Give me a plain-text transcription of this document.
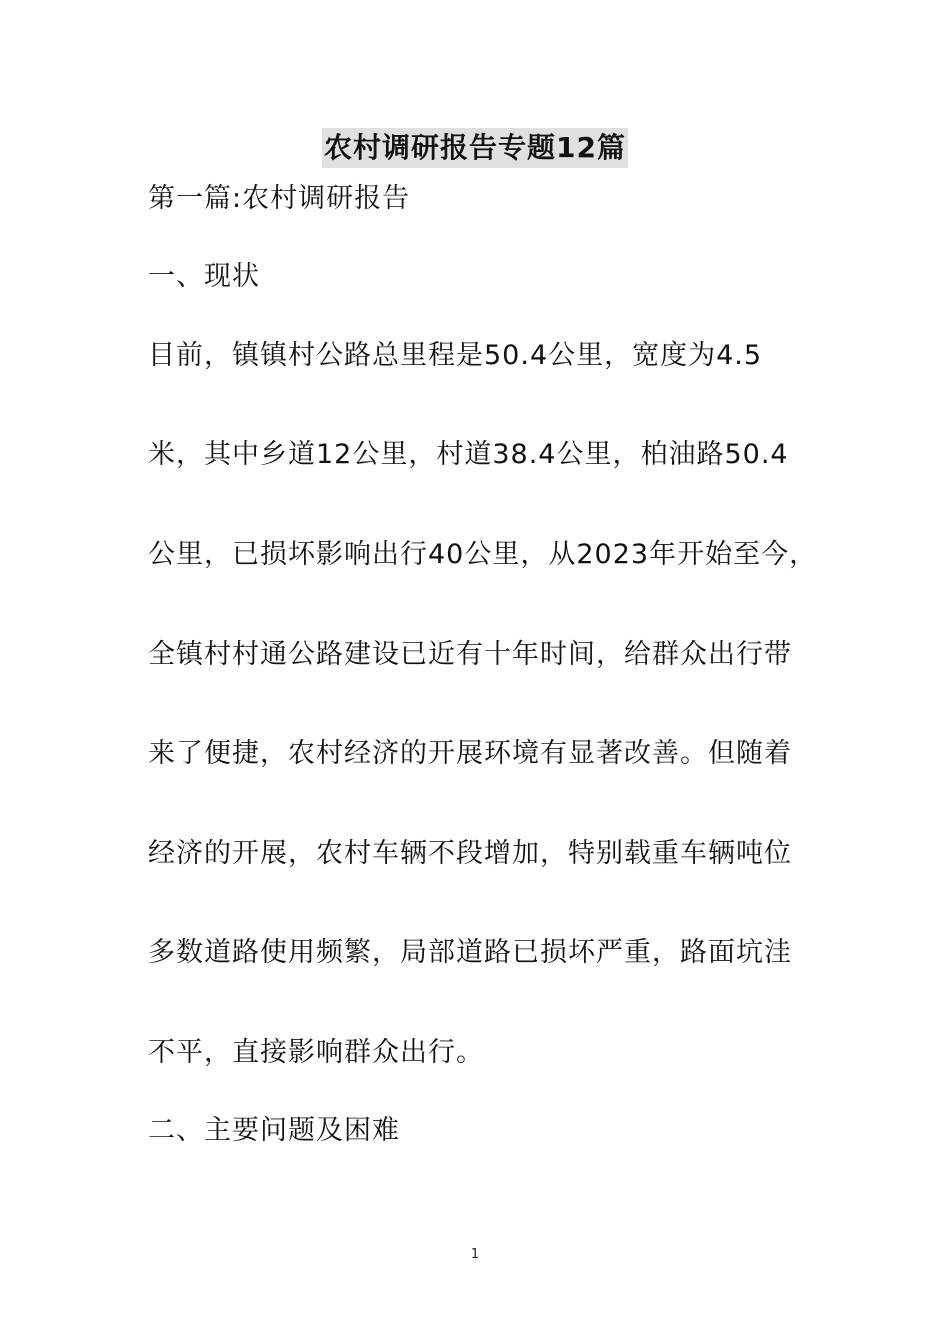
农村调研报告专题12篇
第一篇:农村调研报告
一、现状
目前，镇镇村公路总里程是50.4公里，宽度为4.5
米，其中乡道12公里，村道38.4公里，柏油路50.4
公里，已损坏影响出行40公里，从2023年开始至今，
全镇村村通公路建设已近有十年时间，给群众出行带
来了便捷，农村经济的开展环境有显著改善。但随着
经济的开展，农村车辆不段增加，特别载重车辆吨位
多数道路使用频繁，局部道路已损坏严重，路面坑洼
不平，直接影响群众出行。
二、主要问题及困难
1
